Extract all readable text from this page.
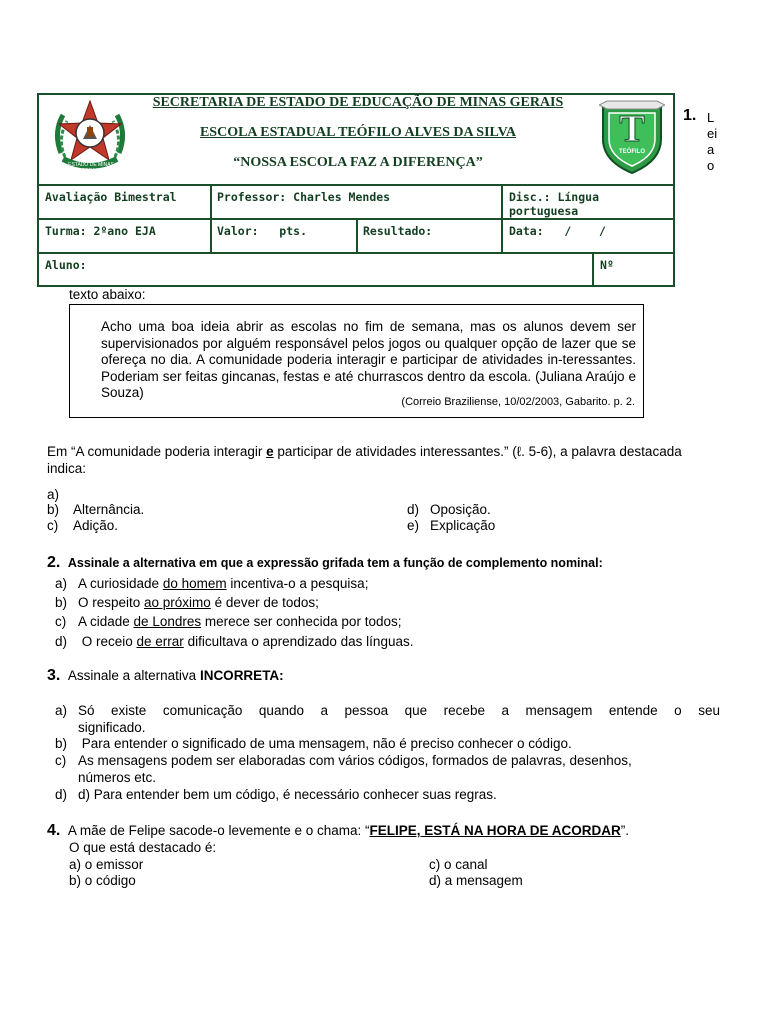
ESTADO DE MINAS GERAIS
SECRETARIA DE ESTADO DE EDUCAÇÃO DE MINAS GERAIS
ESCOLA ESTADUAL TEÓFILO ALVES DA SILVA
“NOSSA ESCOLA FAZ A DIFERENÇA”
T
TEÓFILO
Avaliação Bimestral	Professor: Charles Mendes	Disc.: Língua portuguesa
Turma: 2ºano EJA	Valor:   pts.	Resultado:	Data:   /    /
Aluno:	Nº
1. L
ei
a
o
texto abaixo:
Acho uma boa ideia abrir as escolas no fim de semana, mas os alunos devem ser supervisionados por alguém responsável pelos jogos ou qualquer opção de lazer que se ofereça no dia. A comunidade poderia interagir e participar de atividades in-teressantes. Poderiam ser feitas gincanas, festas e até churrascos dentro da escola. (Juliana Araújo e Souza)
(Correio Braziliense, 10/02/2003, Gabarito. p. 2.
Em “A comunidade poderia interagir e participar de atividades interessantes.” (ℓ. 5-6), a palavra destacada
indica:
a)
b) Alternância.
c) Adição.
d) Oposição.
e) Explicação
2. Assinale a alternativa em que a expressão grifada tem a função de complemento nominal:
a) A curiosidade do homem incentiva-o a pesquisa;
b) O respeito ao próximo é dever de todos;
c) A cidade de Londres merece ser conhecida por todos;
d) O receio de errar dificultava o aprendizado das línguas.
3. Assinale a alternativa INCORRETA:
a) Só existe comunicação quando a pessoa que recebe a mensagem entende o seu
significado.
b) Para entender o significado de uma mensagem, não é preciso conhecer o código.
c) As mensagens podem ser elaboradas com vários códigos, formados de palavras, desenhos,
números etc.
d) d) Para entender bem um código, é necessário conhecer suas regras.
4. A mãe de Felipe sacode-o levemente e o chama: “FELIPE, ESTÁ NA HORA DE ACORDAR”.
O que está destacado é:
a) o emissor
b) o código
c) o canal
d) a mensagem
